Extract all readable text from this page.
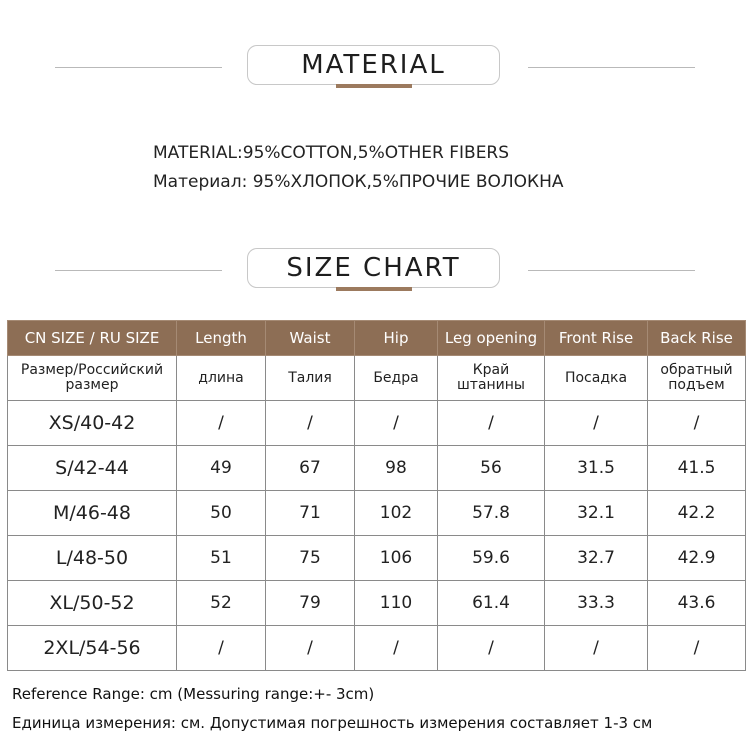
MATERIAL
MATERIAL:95%COTTON,5%OTHER FIBERS
Материал: 95%ХЛОПОК,5%ПРОЧИЕ ВОЛОКНА
SIZE CHART
CN SIZE / RU SIZE	Length	Waist	Hip	Leg opening	Front Rise	Back Rise
Размер/Российский размер	длина	Талия	Бедра	Край штанины	Посадка	обратный подъем
XS/40-42	/	/	/	/	/	/
S/42-44	49	67	98	56	31.5	41.5
M/46-48	50	71	102	57.8	32.1	42.2
L/48-50	51	75	106	59.6	32.7	42.9
XL/50-52	52	79	110	61.4	33.3	43.6
2XL/54-56	/	/	/	/	/	/
Reference Range: cm (Messuring range:+- 3cm)
Единица измерения: см. Допустимая погрешность измерения составляет 1-3 см
